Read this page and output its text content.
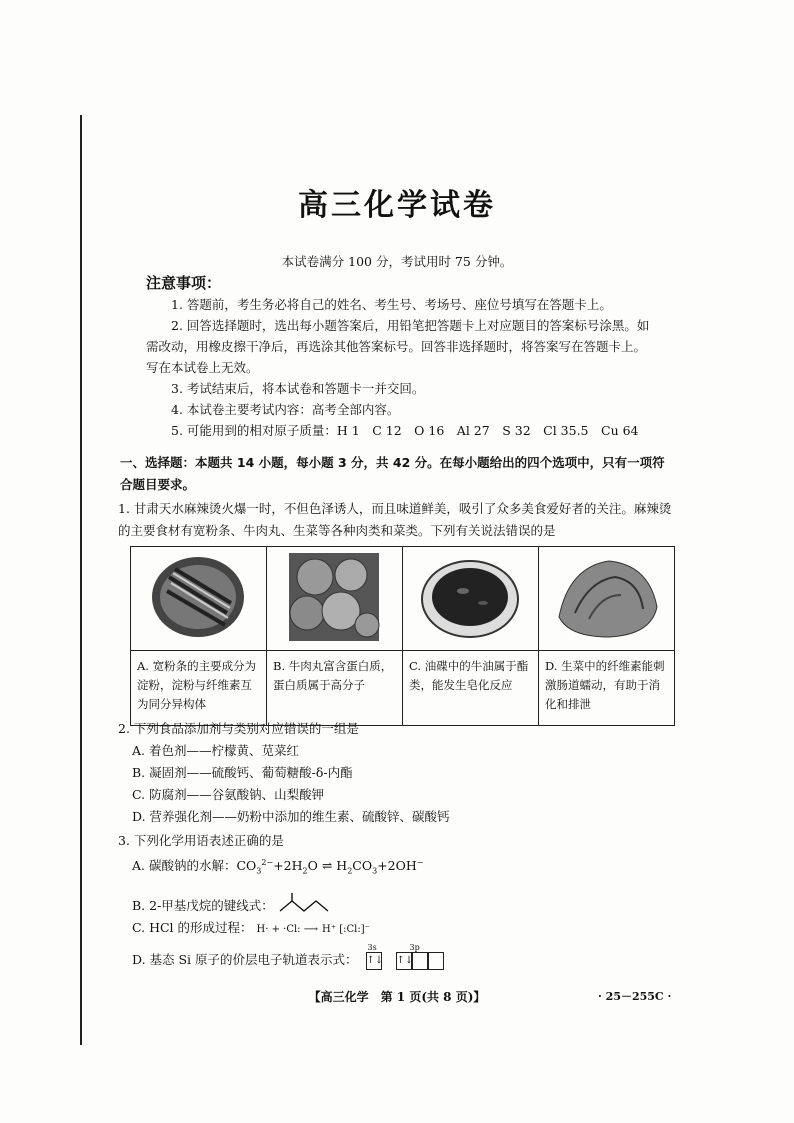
高三化学试卷
本试卷满分 100 分，考试用时 75 分钟。
注意事项：

1. 答题前，考生务必将自己的姓名、考生号、考场号、座位号填写在答题卡上。

2. 回答选择题时，选出每小题答案后，用铅笔把答题卡上对应题目的答案标号涂黑。如需改动，用橡皮擦干净后，再选涂其他答案标号。回答非选择题时，将答案写在答题卡上。写在本试卷上无效。

3. 考试结束后，将本试卷和答题卡一并交回。

4. 本试卷主要考试内容：高考全部内容。

5. 可能用到的相对原子质量：H 1　C 12　O 16　Al 27　S 32　Cl 35.5　Cu 64

一、选择题：本题共 14 小题，每小题 3 分，共 42 分。在每小题给出的四个选项中，只有一项符合题目要求。

1. 甘肃天水麻辣烫火爆一时，不但色泽诱人，而且味道鲜美，吸引了众多美食爱好者的关注。麻辣烫的主要食材有宽粉条、牛肉丸、生菜等各种肉类和菜类。下列有关说法错误的是

A. 宽粉条的主要成分为淀粉，淀粉与纤维素互为同分异构体	B. 牛肉丸富含蛋白质，蛋白质属于高分子	C. 油碟中的牛油属于酯类，能发生皂化反应	D. 生菜中的纤维素能刺激肠道蠕动，有助于消化和排泄

2. 下列食品添加剂与类别对应错误的一组是

A. 着色剂——柠檬黄、苋菜红

B. 凝固剂——硫酸钙、葡萄糖酸-δ-内酯

C. 防腐剂——谷氨酸钠、山梨酸钾

D. 营养强化剂——奶粉中添加的维生素、硫酸锌、碳酸钙

3. 下列化学用语表述正确的是

A. 碳酸钠的水解：$CO_3^{2-}+2H_2O$ ⇌ $H_2CO_3+2OH^-$

B. 2-甲基戊烷的键线式：

C. HCl 的形成过程： H· + ·Cl: ⟶ H⁺ [:Cl:]⁻

D. 基态 Si 原子的价层电子轨道表示式：
3s
↑↓
3p
↑↓

【高三化学　第 1 页(共 8 页)】	· 25－255C ·
